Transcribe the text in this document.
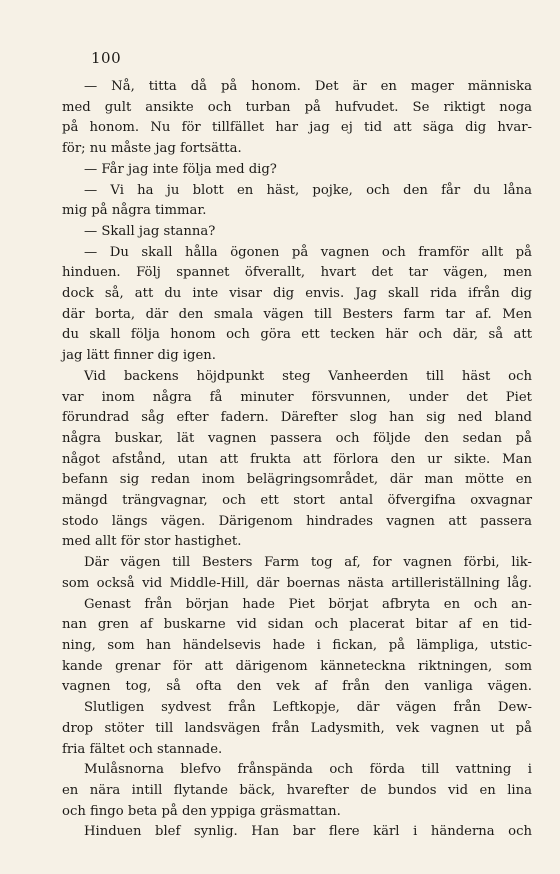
100
— Nå, titta då på honom. Det är en mager människa
med gult ansikte och turban på hufvudet. Se riktigt noga
på honom. Nu för tillfället har jag ej tid att säga dig hvar-
för; nu måste jag fortsätta.
— Får jag inte följa med dig?
— Vi ha ju blott en häst, pojke, och den får du låna
mig på några timmar.
— Skall jag stanna?
— Du skall hålla ögonen på vagnen och framför allt på
hinduen. Följ spannet öfverallt, hvart det tar vägen, men
dock så, att du inte visar dig envis. Jag skall rida ifrån dig
där borta, där den smala vägen till Besters farm tar af. Men
du skall följa honom och göra ett tecken här och där, så att
jag lätt finner dig igen.
Vid backens höjdpunkt steg Vanheerden till häst och
var inom några få minuter försvunnen, under det Piet
förundrad såg efter fadern. Därefter slog han sig ned bland
några buskar, lät vagnen passera och följde den sedan på
något afstånd, utan att frukta att förlora den ur sikte. Man
befann sig redan inom belägringsområdet, där man mötte en
mängd trängvagnar, och ett stort antal öfvergifna oxvagnar
stodo längs vägen. Därigenom hindrades vagnen att passera
med allt för stor hastighet.
Där vägen till Besters Farm tog af, for vagnen förbi, lik-
som också vid Middle-Hill, där boernas nästa artilleriställning låg.
Genast från början hade Piet börjat afbryta en och an-
nan gren af buskarne vid sidan och placerat bitar af en tid-
ning, som han händelsevis hade i fickan, på lämpliga, utstic-
kande grenar för att därigenom kännetecknа riktningen, som
vagnen tog, så ofta den vek af från den vanliga vägen.
Slutligen sydvest från Leftkopje, där vägen från Dew-
drop stöter till landsvägen från Ladysmith, vek vagnen ut på
fria fältet och stannade.
Mulåsnorna blefvo frånspända och förda till vattning i
en nära intill flytande bäck, hvarefter de bundos vid en lina
och fingo beta på den yppiga gräsmattan.
Hinduen blef synlig. Han bar flere kärl i händerna och
